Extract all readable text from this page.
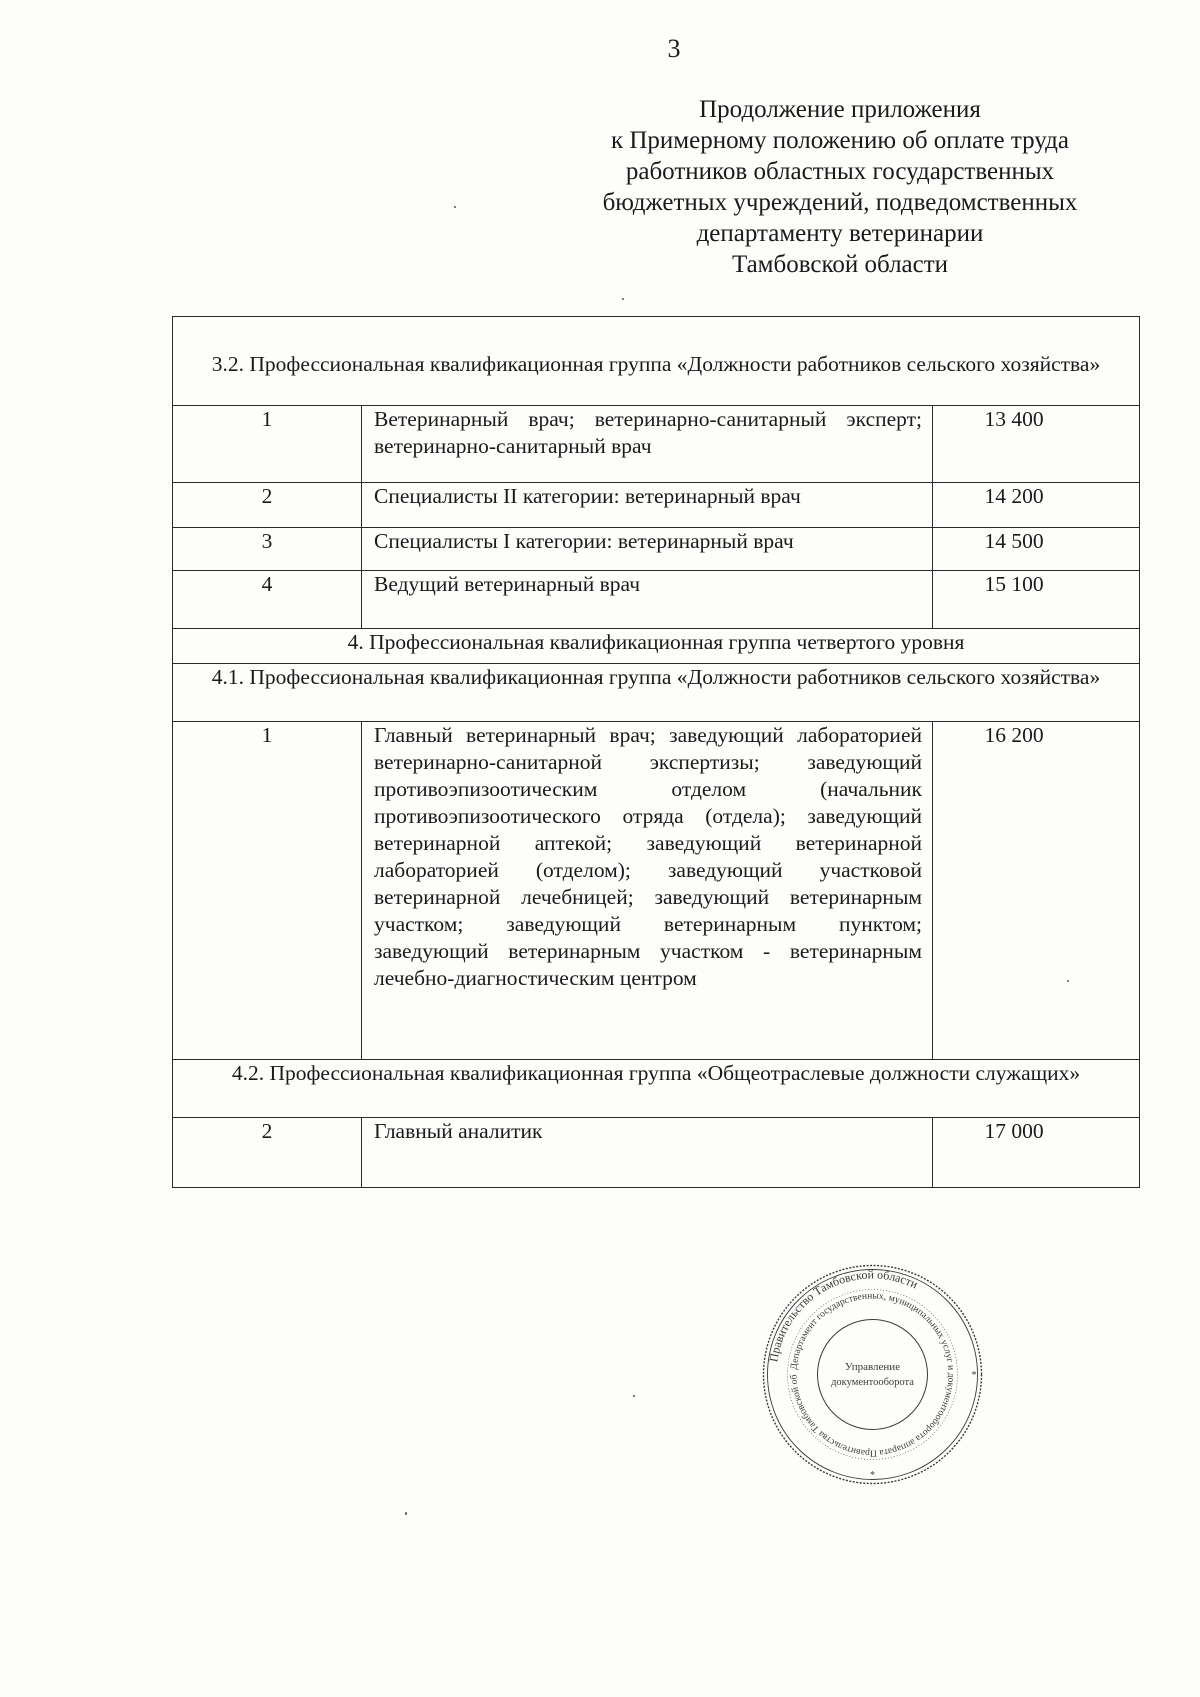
3
Продолжение приложения
к Примерному положению об оплате труда
работников областных государственных
бюджетных учреждений, подведомственных
департаменту ветеринарии
Тамбовской области
3.2. Профессиональная квалификационная группа «Должности работников сельского хозяйства»		
1	Ветеринарный врач; ветеринарно-санитарный эксперт; ветеринарно-санитарный врач	13 400
2	Специалисты II категории: ветеринарный врач	14 200
3	Специалисты I категории: ветеринарный врач	14 500
4	Ведущий ветеринарный врач	15 100
4. Профессиональная квалификационная группа четвертого уровня		
4.1. Профессиональная квалификационная группа «Должности работников сельского хозяйства»		
1	Главный ветеринарный врач; заведующий лабораторией ветеринарно-санитарной экспертизы; заведующий противоэпизоотическим отделом (начальник противоэпизоотического отряда (отдела); заведующий ветеринарной аптекой; заведующий ветеринарной лабораторией (отделом); заведующий участковой ветеринарной лечебницей; заведующий ветеринарным участком; заведующий ветеринарным пунктом; заведующий ветеринарным участком - ветеринарным лечебно-диагностическим центром	16 200
4.2. Профессиональная квалификационная группа «Общеотраслевые должности служащих»		
2	Главный аналитик	17 000
Правительство Тамбовской области
Департамент государственных, муниципальных услуг и документооборота аппарата Правительства Тамбовской об
Управление
документооборота
*
*
